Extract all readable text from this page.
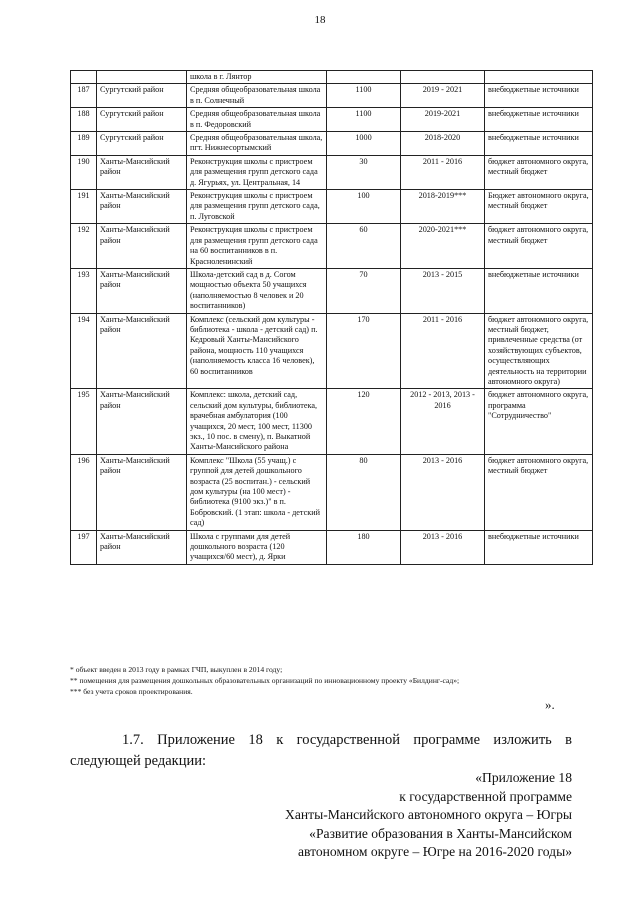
18
		школа в г. Лянтор			
187	Сургутский район	Средняя общеобразовательная школа в п. Солнечный	1100	2019 - 2021	внебюджетные источники
188	Сургутский район	Средняя общеобразовательная школа в п. Федоровский	1100	2019-2021	внебюджетные источники
189	Сургутский район	Средняя общеобразовательная школа, пгт. Нижнесортымский	1000	2018-2020	внебюджетные источники
190	Ханты-Мансийский район	Реконструкция школы с пристроем для размещения групп детского сада д. Ягурьях, ул. Центральная, 14	30	2011 - 2016	бюджет автономного округа, местный бюджет
191	Ханты-Мансийский район	Реконструкция школы с пристроем для размещения групп детского сада, п. Луговской	100	2018-2019***	Бюджет автономного округа, местный бюджет
192	Ханты-Мансийский район	Реконструкция школы с пристроем для размещения групп детского сада на 60 воспитанников в п. Красноленинский	60	2020-2021***	бюджет автономного округа, местный бюджет
193	Ханты-Мансийский район	Школа-детский сад в д. Согом мощностью объекта 50 учащихся (наполняемостью 8 человек и 20 воспитанников)	70	2013 - 2015	внебюджетные источники
194	Ханты-Мансийский район	Комплекс (сельский дом культуры - библиотека - школа - детский сад) п. Кедровый Ханты-Мансийского района, мощность 110 учащихся (наполняемость класса 16 человек), 60 воспитанников	170	2011 - 2016	бюджет автономного округа, местный бюджет, привлеченные средства (от хозяйствующих субъектов, осуществляющих деятельность на территории автономного округа)
195	Ханты-Мансийский район	Комплекс: школа, детский сад, сельский дом культуры, библиотека, врачебная амбулатория (100 учащихся, 20 мест, 100 мест, 11300 экз., 10 пос. в смену), п. Выкатной Ханты-Мансийского района	120	2012 - 2013, 2013 - 2016	бюджет автономного округа, программа "Сотрудничество"
196	Ханты-Мансийский район	Комплекс "Школа (55 учащ.) с группой для детей дошкольного возраста (25 воспитан.) - сельский дом культуры (на 100 мест) - библиотека (9100 экз.)" в п. Бобровский. (1 этап: школа - детский сад)	80	2013 - 2016	бюджет автономного округа, местный бюджет
197	Ханты-Мансийский район	Школа с группами для детей дошкольного возраста (120 учащихся/60 мест), д. Ярки	180	2013 - 2016	внебюджетные источники
* объект введен в 2013 году в рамках ГЧП, выкуплен в 2014 году;
** помещения для размещения дошкольных образовательных организаций по инновационному проекту «Билдинг-сад»;
*** без учета сроков проектирования.
».
1.7. Приложение 18 к государственной программе изложить в следующей редакции:
«Приложение 18
к государственной программе
Ханты-Мансийского автономного округа – Югры
«Развитие образования в Ханты-Мансийском
автономном округе – Югре на 2016-2020 годы»
